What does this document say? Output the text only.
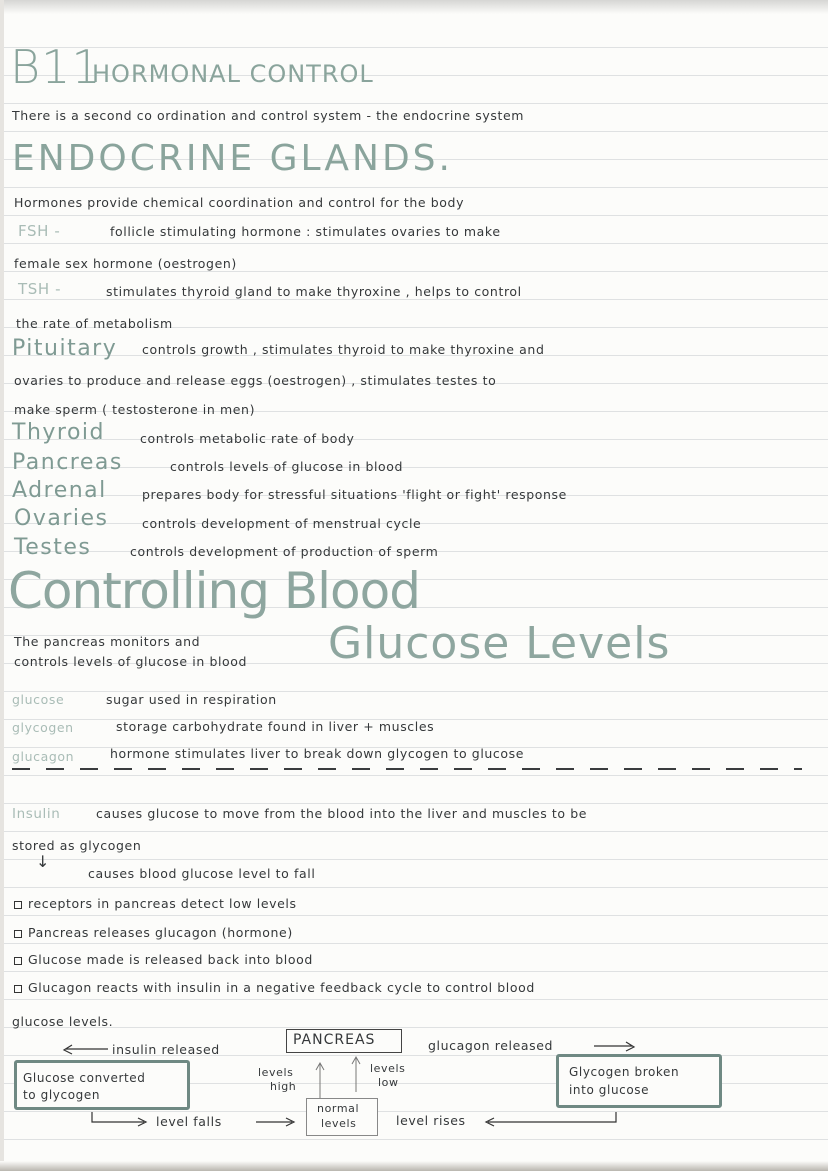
B11
HORMONAL CONTROL
There is a second co ordination and control system - the endocrine system
ENDOCRINE GLANDS.
Hormones provide chemical coordination and control for the body
FSH -	follicle stimulating hormone : stimulates ovaries to make
female sex hormone (oestrogen)
TSH -	stimulates thyroid gland to make thyroxine , helps to control
the rate of metabolism
Pituitary controls growth , stimulates thyroid to make thyroxine and
ovaries to produce and release eggs (oestrogen) , stimulates testes to
make sperm ( testosterone in men)
Thyroid	controls metabolic rate of body
Pancreas	controls levels of glucose in blood
Adrenal	prepares body for stressful situations 'flight or fight' response
Ovaries	controls development of menstrual cycle
Testes	controls development of production of sperm
Controlling Blood
Glucose Levels
The pancreas monitors and
controls levels of glucose in blood
glucose	sugar used in respiration
glycogen	storage carbohydrate found in liver + muscles
glucagon	hormone stimulates liver to break down glycogen to glucose
Insulin	causes glucose to move from the blood into the liver and muscles to be
stored as glycogen
↓
causes blood glucose level to fall
receptors in pancreas detect low levels
Pancreas releases glucagon (hormone)
Glucose made is released back into blood
Glucagon reacts with insulin in a negative feedback cycle to control blood
glucose levels.
insulin released
PANCREAS	glucagon released
Glucose converted
to glycogen
levels
high
levels
low
Glycogen broken
into glucose
level falls
normal
levels	level rises
